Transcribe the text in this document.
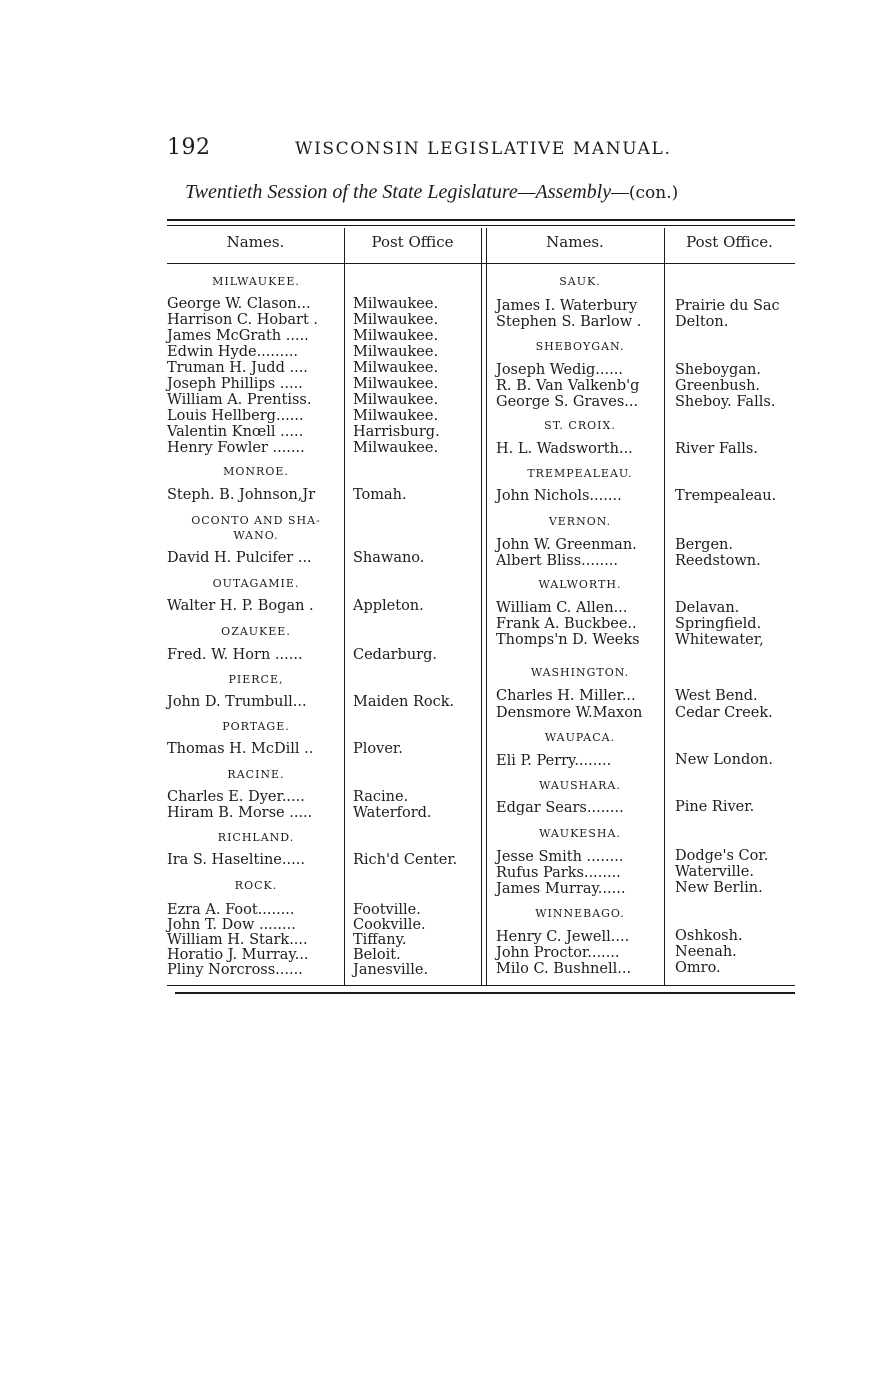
192	WISCONSIN LEGISLATIVE MANUAL.
Twentieth Session of the State Legislature—Assembly—(con.)
Names.	Post Office	Names.	Post Office.
MILWAUKEE.
George W. Clason...	Milwaukee.
Harrison C. Hobart .	Milwaukee.
James McGrath .....	Milwaukee.
Edwin Hyde.........	Milwaukee.
Truman H. Judd ....	Milwaukee.
Joseph Phillips .....	Milwaukee.
William A. Prentiss.	Milwaukee.
Louis Hellberg......	Milwaukee.
Valentin Knœll .....	Harrisburg.
Henry Fowler .......	Milwaukee.
MONROE.
Steph. B. Johnson,Jr	Tomah.
OCONTO AND SHA-
WANO.
David H. Pulcifer ...	Shawano.
OUTAGAMIE.
Walter H. P. Bogan .	Appleton.
OZAUKEE.
Fred. W. Horn ......	Cedarburg.
PIERCE,
John D. Trumbull...	Maiden Rock.
PORTAGE.
Thomas H. McDill ..	Plover.
RACINE.
Charles E. Dyer.....	Racine.
Hiram B. Morse .....	Waterford.
RICHLAND.
Ira S. Haseltine.....	Rich'd Center.
ROCK.
Ezra A. Foot........	Footville.
John T. Dow ........	Cookville.
William H. Stark....	Tiffany.
Horatio J. Murray...	Beloit.
Pliny Norcross......	Janesville.
SAUK.
James I. Waterbury	Prairie du Sac
Stephen S. Barlow .	Delton.
SHEBOYGAN.
Joseph Wedig......	Sheboygan.
R. B. Van Valkenb'g	Greenbush.
George S. Graves...	Sheboy. Falls.
ST. CROIX.
H. L. Wadsworth...	River Falls.
TREMPEALEAU.
John Nichols.......	Trempealeau.
VERNON.
John W. Greenman.	Bergen.
Albert Bliss........	Reedstown.
WALWORTH.
William C. Allen...	Delavan.
Frank A. Buckbee..	Springfield.
Thomps'n D. Weeks	Whitewater,
WASHINGTON.
Charles H. Miller...	West Bend.
Densmore W.Maxon	Cedar Creek.
WAUPACA.
Eli P. Perry........	New London.
WAUSHARA.
Edgar Sears........	Pine River.
WAUKESHA.
Jesse Smith ........	Dodge's Cor.
Rufus Parks........	Waterville.
James Murray......	New Berlin.
WINNEBAGO.
Henry C. Jewell....	Oshkosh.
John Proctor.......	Neenah.
Milo C. Bushnell...	Omro.
